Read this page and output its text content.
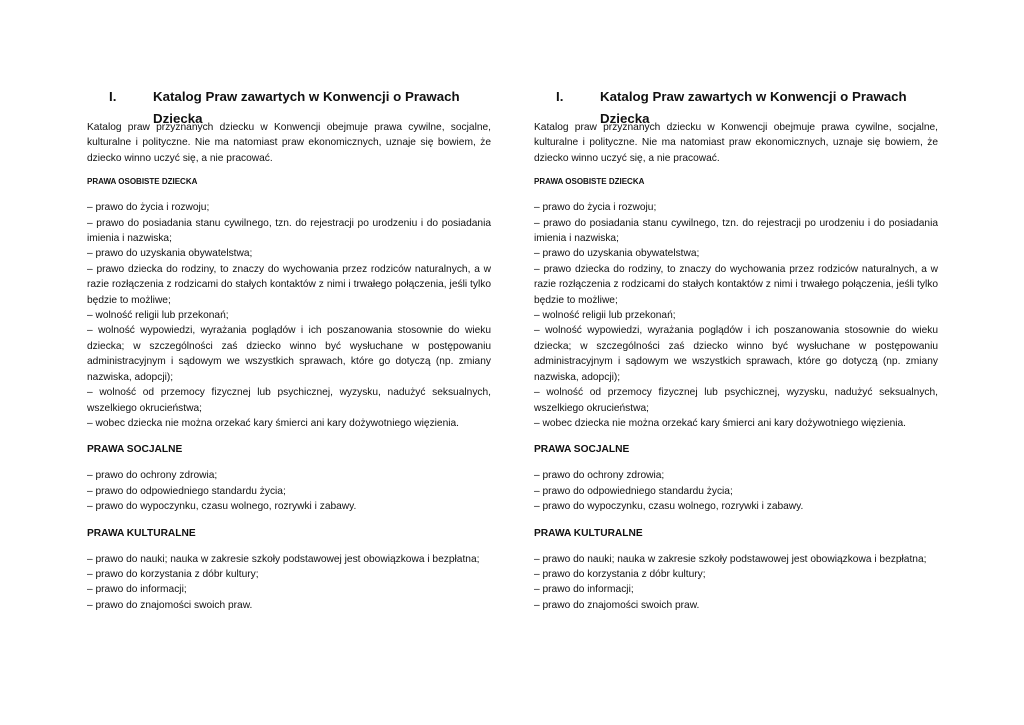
I.	Katalog Praw zawartych w Konwencji o Prawach Dziecka

Katalog praw przyznanych dziecku w Konwencji obejmuje prawa cywilne, socjalne, kulturalne i polityczne. Nie ma natomiast praw ekonomicznych, uznaje się bowiem, że dziecko winno uczyć się, a nie pracować.

PRAWA OSOBISTE DZIECKA

– prawo do życia i rozwoju;
– prawo do posiadania stanu cywilnego, tzn. do rejestracji po urodzeniu i do posiadania imienia i nazwiska;
– prawo do uzyskania obywatelstwa;
– prawo dziecka do rodziny, to znaczy do wychowania przez rodziców naturalnych, a w razie rozłączenia z rodzicami do stałych kontaktów z nimi i trwałego połączenia, jeśli tylko będzie to możliwe;
– wolność religii lub przekonań;
– wolność wypowiedzi, wyrażania poglądów i ich poszanowania stosownie do wieku dziecka; w szczególności zaś dziecko winno być wysłuchane w postępowaniu administracyjnym i sądowym we wszystkich sprawach, które go dotyczą (np. zmiany nazwiska, adopcji);
– wolność od przemocy fizycznej lub psychicznej, wyzysku, nadużyć seksualnych, wszelkiego okrucieństwa;
– wobec dziecka nie można orzekać kary śmierci ani kary dożywotniego więzienia.

PRAWA SOCJALNE

– prawo do ochrony zdrowia;
– prawo do odpowiedniego standardu życia;
– prawo do wypoczynku, czasu wolnego, rozrywki i zabawy.

PRAWA KULTURALNE

– prawo do nauki; nauka w zakresie szkoły podstawowej jest obowiązkowa i bezpłatna;
– prawo do korzystania z dóbr kultury;
– prawo do informacji;
– prawo do znajomości swoich praw.
I.	Katalog Praw zawartych w Konwencji o Prawach Dziecka

Katalog praw przyznanych dziecku w Konwencji obejmuje prawa cywilne, socjalne, kulturalne i polityczne. Nie ma natomiast praw ekonomicznych, uznaje się bowiem, że dziecko winno uczyć się, a nie pracować.

PRAWA OSOBISTE DZIECKA

– prawo do życia i rozwoju;
– prawo do posiadania stanu cywilnego, tzn. do rejestracji po urodzeniu i do posiadania imienia i nazwiska;
– prawo do uzyskania obywatelstwa;
– prawo dziecka do rodziny, to znaczy do wychowania przez rodziców naturalnych, a w razie rozłączenia z rodzicami do stałych kontaktów z nimi i trwałego połączenia, jeśli tylko będzie to możliwe;
– wolność religii lub przekonań;
– wolność wypowiedzi, wyrażania poglądów i ich poszanowania stosownie do wieku dziecka; w szczególności zaś dziecko winno być wysłuchane w postępowaniu administracyjnym i sądowym we wszystkich sprawach, które go dotyczą (np. zmiany nazwiska, adopcji);
– wolność od przemocy fizycznej lub psychicznej, wyzysku, nadużyć seksualnych, wszelkiego okrucieństwa;
– wobec dziecka nie można orzekać kary śmierci ani kary dożywotniego więzienia.

PRAWA SOCJALNE

– prawo do ochrony zdrowia;
– prawo do odpowiedniego standardu życia;
– prawo do wypoczynku, czasu wolnego, rozrywki i zabawy.

PRAWA KULTURALNE

– prawo do nauki; nauka w zakresie szkoły podstawowej jest obowiązkowa i bezpłatna;
– prawo do korzystania z dóbr kultury;
– prawo do informacji;
– prawo do znajomości swoich praw.
